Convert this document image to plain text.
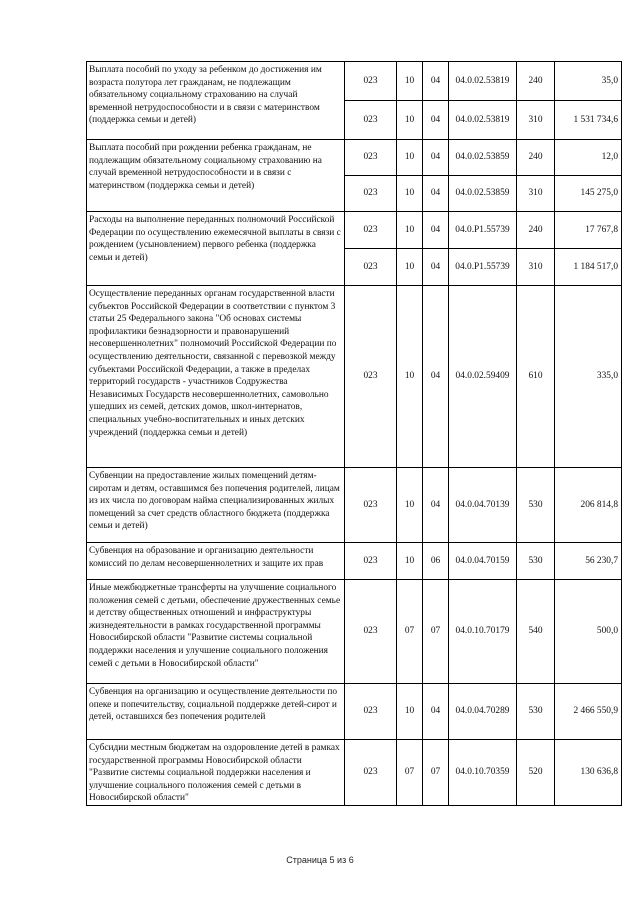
Выплата пособий по уходу за ребенком до достижения им возраста полутора лет гражданам, не подлежащим обязательному социальному страхованию на случай временной нетрудоспособности и в связи с материнством (поддержка семьи и детей)	023	10	04	04.0.02.53819	240	35,0
	023	10	04	04.0.02.53819	310	1 531 734,6
Выплата пособий при рождении ребенка гражданам, не подлежащим обязательному социальному страхованию на случай временной нетрудоспособности и в связи с материнством (поддержка семьи и детей)	023	10	04	04.0.02.53859	240	12,0
	023	10	04	04.0.02.53859	310	145 275,0
Расходы на выполнение переданных полномочий Российской Федерации по осуществлению ежемесячной выплаты в связи с рождением (усыновлением) первого ребенка (поддержка семьи и детей)	023	10	04	04.0.P1.55739	240	17 767,8
	023	10	04	04.0.P1.55739	310	1 184 517,0
Осуществление переданных органам государственной власти субъектов Российской Федерации в соответствии с пунктом 3 статьи 25 Федерального закона "Об основах системы профилактики безнадзорности и правонарушений несовершеннолетних" полномочий Российской Федерации по осуществлению деятельности, связанной с перевозкой между субъектами Российской Федерации, а также в пределах территорий государств - участников Содружества Независимых Государств несовершеннолетних, самовольно ушедших из семей, детских домов, школ-интернатов, специальных учебно-воспитательных и иных детских учреждений (поддержка семьи и детей)	023	10	04	04.0.02.59409	610	335,0
Субвенции на предоставление жилых помещений детям-сиротам и детям, оставшимся без попечения родителей, лицам из их числа по договорам найма специализированных жилых помещений за счет средств областного бюджета (поддержка семьи и детей)	023	10	04	04.0.04.70139	530	206 814,8
Субвенция на образование и организацию деятельности комиссий по делам несовершеннолетних и защите их прав	023	10	06	04.0.04.70159	530	56 230,7
Иные межбюджетные трансферты на улучшение социального положения семей с детьми, обеспечение дружественных семье и детству общественных отношений и инфраструктуры жизнедеятельности в рамках государственной программы Новосибирской области "Развитие системы социальной поддержки населения и улучшение социального положения семей с детьми в Новосибирской области"	023	07	07	04.0.10.70179	540	500,0
Субвенция на организацию и осуществление деятельности по опеке и попечительству, социальной поддержке детей-сирот и детей, оставшихся без попечения родителей	023	10	04	04.0.04.70289	530	2 466 550,9
Субсидии местным бюджетам на оздоровление детей в рамках государственной программы Новосибирской области "Развитие системы социальной поддержки населения и улучшение социального положения семей с детьми в Новосибирской области"	023	07	07	04.0.10.70359	520	130 636,8
Страница 5 из 6
